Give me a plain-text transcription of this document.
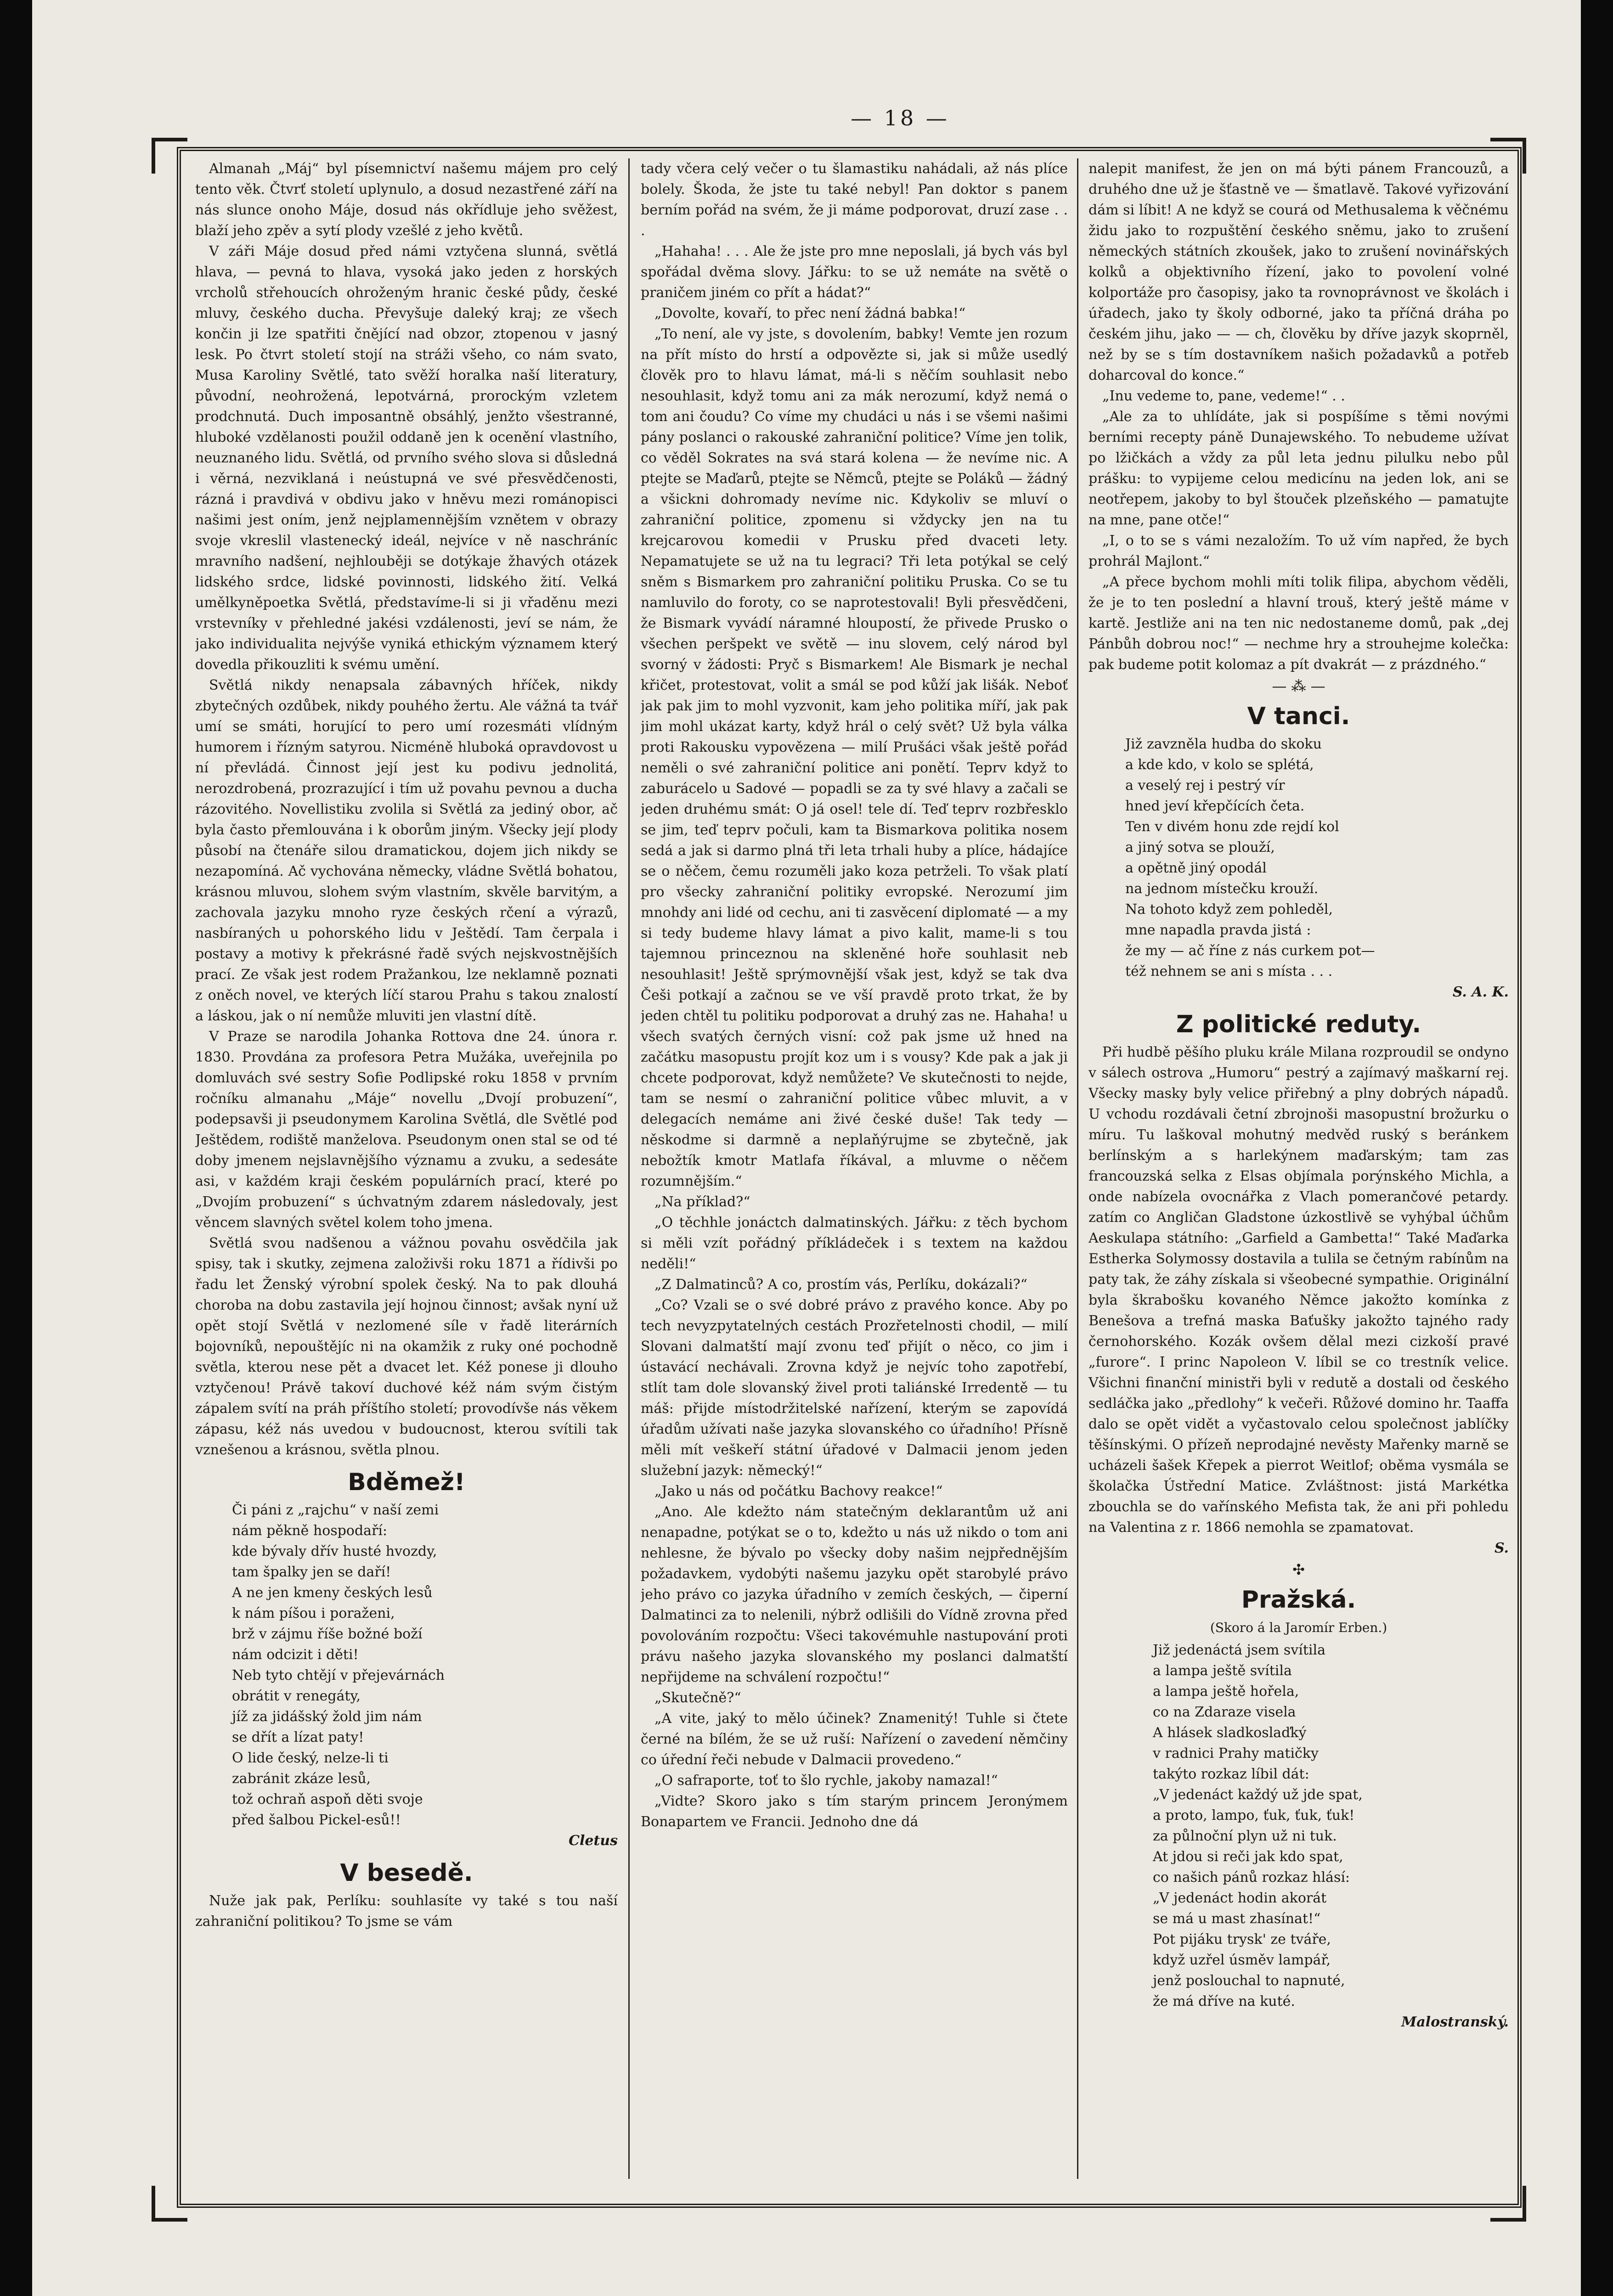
— 18 —

Almanah „Máj“ byl písemnictví našemu májem pro celý tento věk. Čtvrť století uplynulo, a dosud nezastřené září na nás slunce onoho Máje, dosud nás okřídluje jeho svěžest, blaží jeho zpěv a sytí plody vzešlé z jeho květů.

V záři Máje dosud před námi vztyčena slunná, světlá hlava, — pevná to hlava, vysoká jako jeden z horských vrcholů střehoucích ohroženým hranic české půdy, české mluvy, českého ducha. Převyšuje daleký kraj; ze všech končin ji lze spatřiti čnějící nad obzor, ztopenou v jasný lesk. Po čtvrt století stojí na stráži všeho, co nám svato, Musa Karoliny Světlé, tato svěží horalka naší literatury, původní, neohrožená, lepotvárná, prorockým vzletem prodchnutá. Duch imposantně obsáhlý, jenžto všestranné, hluboké vzdělanosti použil oddaně jen k ocenění vlastního, neuznaného lidu. Světlá, od prvního svého slova si důsledná i věrná, nezviklaná i neústupná ve své přesvědčenosti, rázná i pravdivá v obdivu jako v hněvu mezi románopisci našimi jest oním, jenž nejplamennějším vznětem v obrazy svoje vkreslil vlastenecký ideál, nejvíce v ně naschráníc mravního nadšení, nejhlouběji se dotýkaje žhavých otázek lidského srdce, lidské povinnosti, lidského žití. Velká umělkyněpoetka Světlá, představíme-li si ji vřaděnu mezi vrstevníky v přehledné jakési vzdálenosti, jeví se nám, že jako individualita nejvýše vyniká ethickým významem který dovedla přikouzliti k svému umění.

Světlá nikdy nenapsala zábavných hříček, nikdy zbytečných ozdůbek, nikdy pouhého žertu. Ale vážná ta tvář umí se smáti, horující to pero umí rozesmáti vlídným humorem i řízným satyrou. Nicméně hluboká opravdovost u ní převládá. Činnost její jest ku podivu jednolitá, nerozdrobená, prozrazující i tím už povahu pevnou a ducha rázovitého. Novellistiku zvolila si Světlá za jediný obor, ač byla často přemlouvána i k oborům jiným. Všecky její plody působí na čtenáře silou dramatickou, dojem jich nikdy se nezapomíná. Ač vychována německy, vládne Světlá bohatou, krásnou mluvou, slohem svým vlastním, skvěle barvitým, a zachovala jazyku mnoho ryze českých rčení a výrazů, nasbíraných u pohorského lidu v Ještědí. Tam čerpala i postavy a motivy k překrásné řadě svých nejskvostnějších prací. Ze však jest rodem Pražankou, lze neklamně poznati z oněch novel, ve kterých líčí starou Prahu s takou znalostí a láskou, jak o ní nemůže mluviti jen vlastní dítě.

V Praze se narodila Johanka Rottova dne 24. února r. 1830. Provdána za profesora Petra Mužáka, uveřejnila po domluvách své sestry Sofie Podlipské roku 1858 v prvním ročníku almanahu „Máje“ novellu „Dvojí probuzení“, podepsavši ji pseudonymem Karolina Světlá, dle Světlé pod Ještědem, rodiště manželova. Pseudonym onen stal se od té doby jmenem nejslavnějšího významu a zvuku, a sedesáte asi, v každém kraji českém populárních prací, které po „Dvojím probuzení“ s úchvatným zdarem následovaly, jest věncem slavných světel kolem toho jmena.

Světlá svou nadšenou a vážnou povahu osvědčila jak spisy, tak i skutky, zejmena založivši roku 1871 a řídivši po řadu let Ženský výrobní spolek český. Na to pak dlouhá choroba na dobu zastavila její hojnou činnost; avšak nyní už opět stojí Světlá v nezlomené síle v řadě literárních bojovníků, nepouštějíc ni na okamžik z ruky oné pochodně světla, kterou nese pět a dvacet let. Kéž ponese ji dlouho vztyčenou! Právě takoví duchové kéž nám svým čistým zápalem svítí na práh příštího století; provodívše nás věkem zápasu, kéž nás uvedou v budoucnost, kterou svítili tak vznešenou a krásnou, světla plnou.

Bděmež!
Či páni z „rajchu“ v naší zemi
nám pěkně hospodaří:
kde bývaly dřív husté hvozdy,
tam špalky jen se daří!
A ne jen kmeny českých lesů
k nám píšou i poraženi,
brž v zájmu říše božné boží
nám odcizit i děti!
Neb tyto chtějí v přejevárnách
obrátit v renegáty,
jíž za jidášský žold jim nám
se dřít a lízat paty!
O lide český, nelze-li ti
zabránit zkáze lesů,
tož ochraň aspoň děti svoje
před šalbou Pickel-esů!!
Cletus
V besedě.

Nuže jak pak, Perlíku: souhlasíte vy také s tou naší zahraniční politikou? To jsme se vám

tady včera celý večer o tu šlamastiku nahádali, až nás plíce bolely. Škoda, že jste tu také nebyl! Pan doktor s panem berním pořád na svém, že ji máme podporovat, druzí zase . . .

„Hahaha! . . . Ale že jste pro mne neposlali, já bych vás byl spořádal dvěma slovy. Jářku: to se už nemáte na světě o praničem jiném co přít a hádat?“

„Dovolte, kovaří, to přec není žádná babka!“

„To není, ale vy jste, s dovolením, babky! Vemte jen rozum na přít místo do hrstí a odpovězte si, jak si může usedlý člověk pro to hlavu lámat, má-li s něčím souhlasit nebo nesouhlasit, když tomu ani za mák nerozumí, když nemá o tom ani čoudu? Co víme my chudáci u nás i se všemi našimi pány poslanci o rakouské zahraniční politice? Víme jen tolik, co věděl Sokrates na svá stará kolena — že nevíme nic. A ptejte se Maďarů, ptejte se Němců, ptejte se Poláků — žádný a všickni dohromady nevíme nic. Kdykoliv se mluví o zahraniční politice, zpomenu si vždycky jen na tu krejcarovou komedii v Prusku před dvaceti lety. Nepamatujete se už na tu legraci? Tři leta potýkal se celý sněm s Bismarkem pro zahraniční politiku Pruska. Co se tu namluvilo do foroty, co se naprotestovali! Byli přesvědčeni, že Bismark vyvádí náramné hloupostí, že přivede Prusko o všechen peršpekt ve světě — inu slovem, celý národ byl svorný v žádosti: Pryč s Bismarkem! Ale Bismark je nechal křičet, protestovat, volit a smál se pod kůží jak lišák. Neboť jak pak jim to mohl vyzvonit, kam jeho politika míří, jak pak jim mohl ukázat karty, když hrál o celý svět? Už byla válka proti Rakousku vypovězena — milí Prušáci však ještě pořád neměli o své zahraniční politice ani ponětí. Teprv když to zaburácelo u Sadové — popadli se za ty své hlavy a začali se jeden druhému smát: O já osel! tele dí. Teď teprv rozbřesklo se jim, teď teprv počuli, kam ta Bismarkova politika nosem sedá a jak si darmo plná tři leta trhali huby a plíce, hádajíce se o něčem, čemu rozuměli jako koza petrželi. To však platí pro všecky zahraniční politiky evropské. Nerozumí jim mnohdy ani lidé od cechu, ani ti zasvěcení diplomaté — a my si tedy budeme hlavy lámat a pivo kalit, mame-li s tou tajemnou princeznou na skleněné hoře souhlasit neb nesouhlasit! Ještě sprýmovnější však jest, když se tak dva Češi potkají a začnou se ve vší pravdě proto trkat, že by jeden chtěl tu politiku podporovat a druhý zas ne. Hahaha! u všech svatých černých visní: což pak jsme už hned na začátku masopustu projít koz um i s vousy? Kde pak a jak ji chcete podporovat, když nemůžete? Ve skutečnosti to nejde, tam se nesmí o zahraniční politice vůbec mluvit, a v delegacích nemáme ani živé české duše! Tak tedy — něskodme si darmně a neplaňýrujme se zbytečně, jak nebožtík kmotr Matlafa říkával, a mluvme o něčem rozumnějším.“

„Na příklad?“

„O těchhle jonáctch dalmatinských. Jářku: z těch bychom si měli vzít pořádný příkládeček i s textem na každou neděli!“

„Z Dalmatinců? A co, prostím vás, Perlíku, dokázali?“

„Co? Vzali se o své dobré právo z pravého konce. Aby po tech nevyzpytatelných cestách Prozřetelnosti chodil, — milí Slovani dalmatští mají zvonu teď přijít o něco, co jim i ústavácí nechávali. Zrovna když je nejvíc toho zapotřebí, stlít tam dole slovanský živel proti taliánské Irredentě — tu máš: přijde místodržitelské nařízení, kterým se zapovídá úřadům užívati naše jazyka slovanského co úřadního! Přísně měli mít veškeří státní úřadové v Dalmacii jenom jeden služební jazyk: německý!“

„Jako u nás od počátku Bachovy reakce!“

„Ano. Ale kdežto nám statečným deklarantům už ani nenapadne, potýkat se o to, kdežto u nás už nikdo o tom ani nehlesne, že bývalo po všecky doby našim nejpřednějším požadavkem, vydobýti našemu jazyku opět starobylé právo jeho právo co jazyka úřadního v zemích českých, — čiperní Dalmatinci za to nelenili, nýbrž odlišili do Vídně zrovna před povolováním rozpočtu: Všeci takovémuhle nastupování proti právu našeho jazyka slovanského my poslanci dalmatští nepřijdeme na schválení rozpočtu!“

„Skutečně?“

„A vite, jaký to mělo účinek? Znamenitý! Tuhle si čtete černé na bílém, že se už ruší: Nařízení o zavedení němčiny co úřední řeči nebude v Dalmacii provedeno.“

„O safraporte, toť to šlo rychle, jakoby namazal!“

„Vidte? Skoro jako s tím starým princem Jeronýmem Bonapartem ve Francii. Jednoho dne dá

nalepit manifest, že jen on má býti pánem Francouzů, a druhého dne už je šťastně ve — šmatlavě. Takové vyřizování dám si líbit! A ne když se courá od Methusalema k věčnému židu jako to rozpuštění českého sněmu, jako to zrušení německých státních zkoušek, jako to zrušení novinářských kolků a objektivního řízení, jako to povolení volné kolportáže pro časopisy, jako ta rovnoprávnost ve školách i úřadech, jako ty školy odborné, jako ta příčná dráha po českém jihu, jako — — ch, člověku by dříve jazyk skoprněl, než by se s tím dostavníkem našich požadavků a potřeb doharcoval do konce.“

„Inu vedeme to, pane, vedeme!“ . .

„Ale za to uhlídáte, jak si pospíšíme s těmi novými berními recepty páně Dunajewského. To nebudeme užívat po lžičkách a vždy za půl leta jednu pilulku nebo půl prášku: to vypijeme celou medicínu na jeden lok, ani se neotřepem, jakoby to byl štouček plzeňského — pamatujte na mne, pane otče!“

„I, o to se s vámi nezaložím. To už vím napřed, že bych prohrál Majlont.“

„A přece bychom mohli míti tolik filipa, abychom věděli, že je to ten poslední a hlavní trouš, který ještě máme v kartě. Jestliže ani na ten nic nedostaneme domů, pak „dej Pánbůh dobrou noc!“ — nechme hry a strouhejme kolečka: pak budeme potit kolomaz a pít dvakrát — z prázdného.“

— ⁂ —
V tanci.
Již zavzněla hudba do skoku
a kde kdo, v kolo se splétá,
a veselý rej i pestrý vír
hned jeví křepčících četa.
Ten v divém honu zde rejdí kol
a jiný sotva se plouží,
a opětně jiný opodál
na jednom místečku krouží.
Na tohoto když zem pohleděl,
mne napadla pravda jistá :
že my — ač říne z nás curkem pot—
též nehnem se ani s místa . . .
S. A. K.
Z politické reduty.

Při hudbě pěšího pluku krále Milana rozproudil se ondyno v sálech ostrova „Humoru“ pestrý a zajímavý maškarní rej. Všecky masky byly velice přiřebný a plny dobrých nápadů. U vchodu rozdávali četní zbrojnoši masopustní brožurku o míru. Tu laškoval mohutný medvěd ruský s beránkem berlínským a s harlekýnem maďarským; tam zas francouzská selka z Elsas objímala porýnského Michla, a onde nabízela ovocnářka z Vlach pomerančové petardy. zatím co Angličan Gladstone úzkostlivě se vyhýbal účhům Aeskulapa státního: „Garfield a Gambetta!“ Také Maďarka Estherka Solymossy dostavila a tulila se četným rabínům na paty tak, že záhy získala si všeobecné sympathie. Originální byla škrabošku kovaného Němce jakožto komínka z Benešova a trefná maska Baťušky jakožto tajného rady černohorského. Kozák ovšem dělal mezi cizkoší pravé „furore“. I princ Napoleon V. líbil se co trestník velice. Všichni finanční ministři byli v redutě a dostali od českého sedláčka jako „předlohy“ k večeři. Růžové domino hr. Taaffa dalo se opět vidět a vyčastovalo celou společnost jablíčky těšínskými. O přízeň neprodajné nevěsty Mařenky marně se ucházeli šašek Křepek a pierrot Weitlof; oběma vysmála se školačka Ústřední Matice. Zvláštnost: jistá Markétka zbouchla se do vařínského Mefista tak, že ani při pohledu na Valentina z r. 1866 nemohla se zpamatovat.

S.
✣
Pražská.
(Skoro á la Jaromír Erben.)
Již jedenáctá jsem svítila
a lampa ještě svítila
a lampa ještě hořela,
co na Zdaraze visela
A hlásek sladkoslaďký
v radnici Prahy matičky
takýto rozkaz líbil dát:
„V jedenáct každý už jde spat,
a proto, lampo, ťuk, ťuk, ťuk!
za půlnoční plyn už ni tuk.
At jdou si reči jak kdo spat,
co našich pánů rozkaz hlásí:
„V jedenáct hodin akorát
se má u mast zhasínat!“
Pot pijáku trysk' ze tváře,
když uzřel úsměv lampář,
jenž poslouchal to napnuté,
že má dříve na kuté.
Malostranský.
